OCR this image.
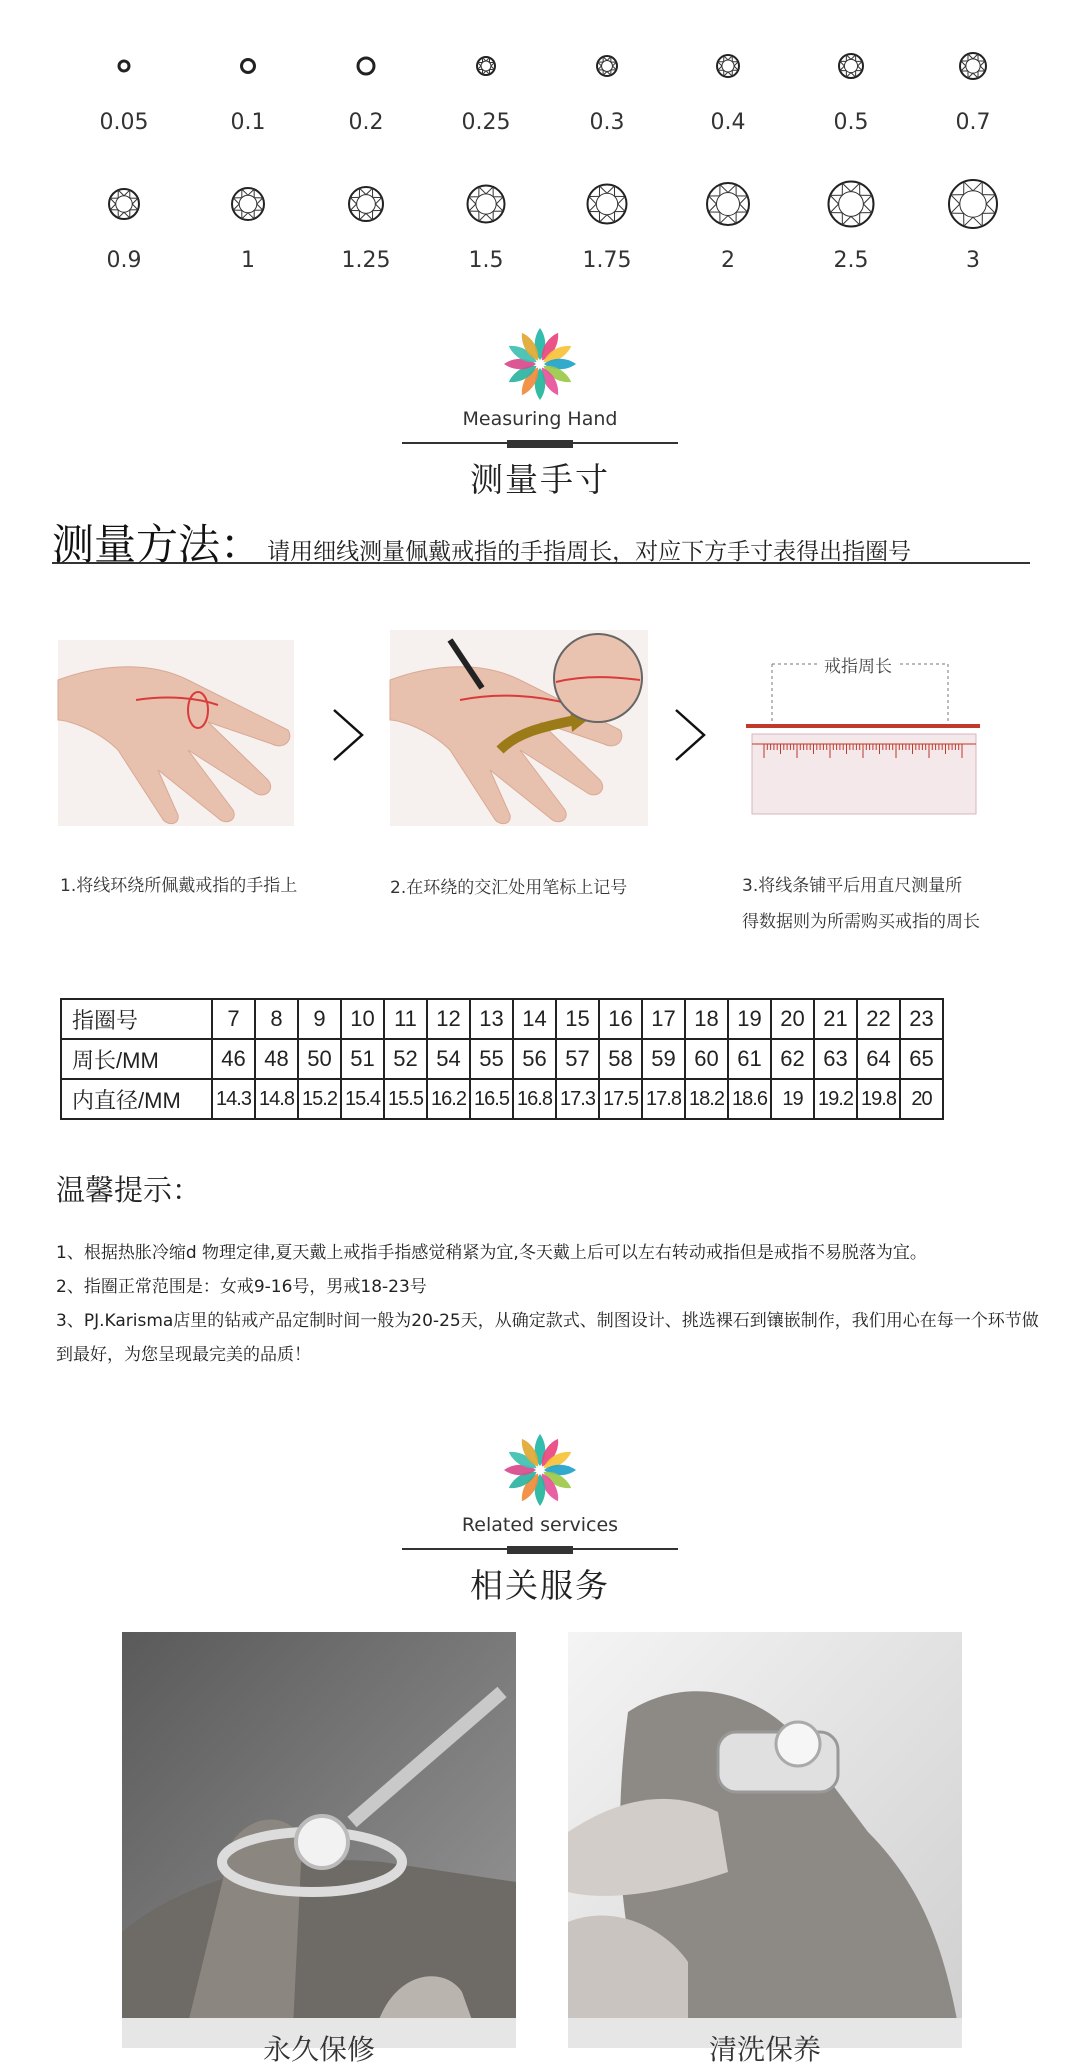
0.05	0.1	0.2	0.25	0.3	0.4	0.5	0.7
0.9	1	1.25	1.5	1.75	2	2.5	3
Measuring Hand
测量手寸
测量方法： 请用细线测量佩戴戒指的手指周长，对应下方手寸表得出指圈号
戒指周长
1.将线环绕所佩戴戒指的手指上	2.在环绕的交汇处用笔标上记号	3.将线条铺平后用直尺测量所
得数据则为所需购买戒指的周长
指圈号	7	8	9	10	11	12	13	14	15	16	17	18	19	20	21	22	23
周长/MM	46	48	50	51	52	54	55	56	57	58	59	60	61	62	63	64	65
内直径/MM	14.3	14.8	15.2	15.4	15.5	16.2	16.5	16.8	17.3	17.5	17.8	18.2	18.6	19	19.2	19.8	20
温馨提示：

1、根据热胀冷缩d 物理定律,夏天戴上戒指手指感觉稍紧为宜,冬天戴上后可以左右转动戒指但是戒指不易脱落为宜。

2、指圈正常范围是：女戒9-16号，男戒18-23号

3、PJ.Karisma店里的钻戒产品定制时间一般为20-25天，从确定款式、制图设计、挑选裸石到镶嵌制作，我们用心在每一个环节做到最好，为您呈现最完美的品质！

Related services
相关服务
永久保修	清洗保养
